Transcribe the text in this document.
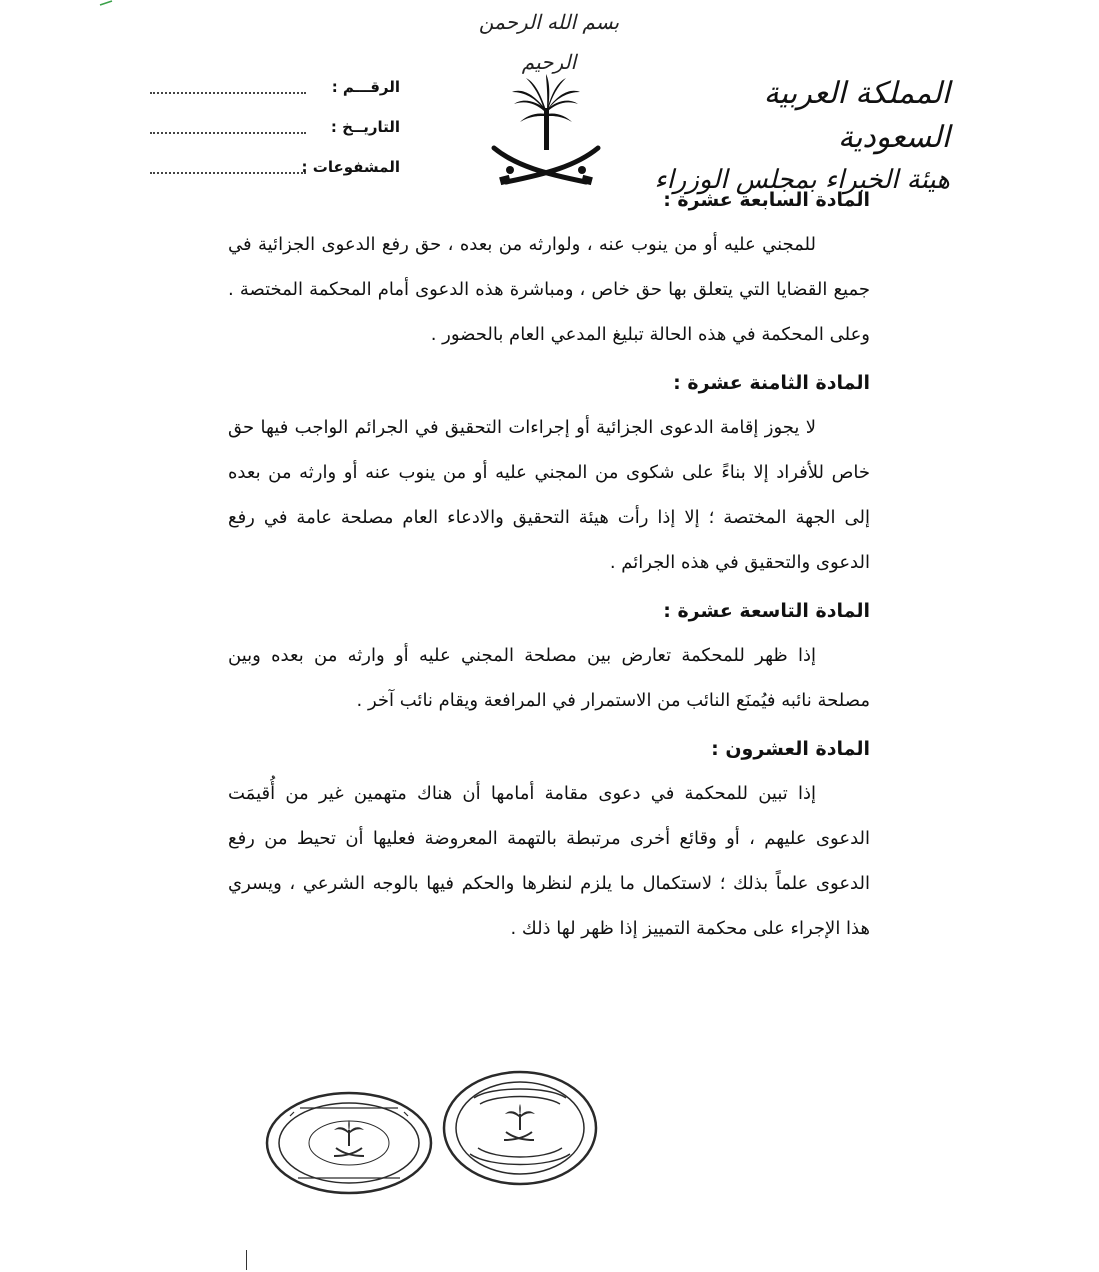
بسم الله الرحمن الرحيم
المملكة العربية السعودية
هيئة الخبراء بمجلس الوزراء
الرقـــم :
التاريــخ :
المشفوعات :
المادة السابعة عشرة :

للمجني عليه أو من ينوب عنه ، ولوارثه من بعده ، حق رفع الدعوى الجزائية في جميع القضايا التي يتعلق بها حق خاص ، ومباشرة هذه الدعوى أمام المحكمة المختصة . وعلى المحكمة في هذه الحالة تبليغ المدعي العام بالحضور .

المادة الثامنة عشرة :

لا يجوز إقامة الدعوى الجزائية أو إجراءات التحقيق في الجرائم الواجب فيها حق خاص للأفراد إلا بناءً على شكوى من المجني عليه أو من ينوب عنه أو وارثه من بعده إلى الجهة المختصة ؛ إلا إذا رأت هيئة التحقيق والادعاء العام مصلحة عامة في رفع الدعوى والتحقيق في هذه الجرائم .

المادة التاسعة عشرة :

إذا ظهر للمحكمة تعارض بين مصلحة المجني عليه أو وارثه من بعده وبين مصلحة نائبه فيُمنَع النائب من الاستمرار في المرافعة ويقام نائب آخر .

المادة العشرون :

إذا تبين للمحكمة في دعوى مقامة أمامها أن هناك متهمين غير من أُقيمَت الدعوى عليهم ، أو وقائع أخرى مرتبطة بالتهمة المعروضة فعليها أن تحيط من رفع الدعوى علماً بذلك ؛ لاستكمال ما يلزم لنظرها والحكم فيها بالوجه الشرعي ، ويسري هذا الإجراء على محكمة التمييز إذا ظهر لها ذلك .
